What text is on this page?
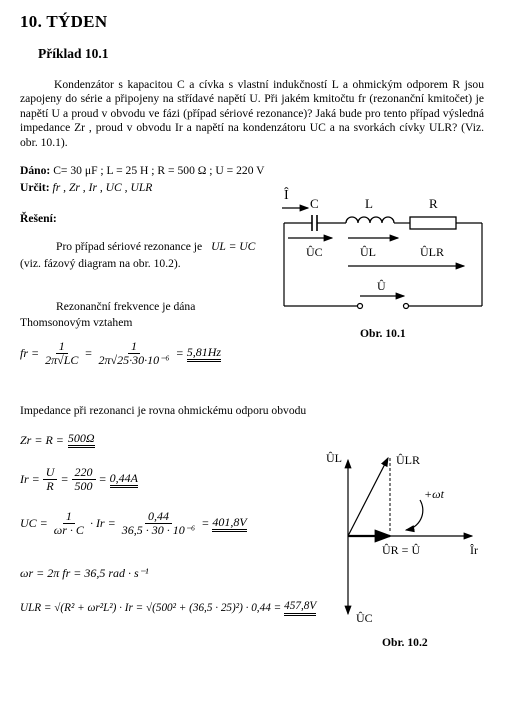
10. TÝDEN
Příklad 10.1
Kondenzátor s kapacitou C a cívka s vlastní indukčností L a ohmickým odporem R jsou zapojeny do série a připojeny na střídavé napětí U. Při jakém kmitočtu fr (rezonanční kmitočet) je napětí U a proud v obvodu ve fázi (případ sériové rezonance)? Jaká bude pro tento případ výsledná impedance Zr , proud v obvodu Ir a napětí na kondenzátoru UC a na svorkách cívky ULR? (Viz. obr. 10.1).
Dáno: C= 30 μF ; L = 25 H ; R = 500 Ω ; U = 220 V
Určit: fr , Zr , Ir , UC , ULR
Řešení:
Pro případ sériové rezonance je UL = UC
(viz. fázový diagram na obr. 10.2).
Rezonanční frekvence je dána
Thomsonovým vztahem
fr = $\frac{1}{2\pi√LC} = \frac{1}{\text{2π√25·30·10⁻⁶}} = 5,81Hz$
Impedance při rezonanci je rovna ohmickému odporu obvodu
Zr = R = 500Ω
$Ir = \frac{U}{R} = \frac{220}{500} = 0,44A$
UC = $\frac{1}{\omega r \cdot C} \cdot Ir = \frac{0,44}{\text{36,5 · 30 · 10⁻⁶}} = 401,8V$
ωr = 2π fr = 36,5 rad · s⁻¹
ULR = √(R² + ωr²L²) · Ir = √(500² + (36,5 · 25)²) · 0,44 = 457,8V
Î
C	L	R
ÛC	ÛL	ÛLR
Û
Obr. 10.1
ÛL
ÛC
Îr
ÛR = Û
ÛLR
+ωt
Obr. 10.2
